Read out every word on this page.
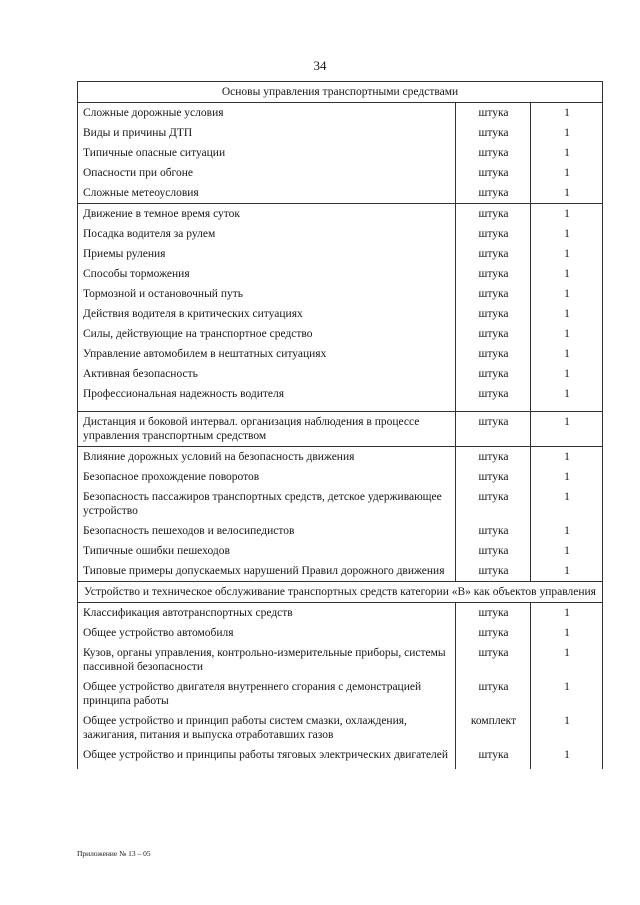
34
Основы управления транспортными средствами		
Сложные дорожные условия	штука	1
Виды и причины ДТП	штука	1
Типичные опасные ситуации	штука	1
Опасности при обгоне	штука	1
Сложные метеоусловия	штука	1
Движение в темное время суток	штука	1
Посадка водителя за рулем	штука	1
Приемы руления	штука	1
Способы торможения	штука	1
Тормозной и остановочный путь	штука	1
Действия водителя в критических ситуациях	штука	1
Силы, действующие на транспортное средство	штука	1
Управление автомобилем в нештатных ситуациях	штука	1
Активная безопасность	штука	1
Профессиональная надежность водителя	штука	1
Дистанция и боковой интервал. организация наблюдения в процессе управления транспортным средством	штука	1
Влияние дорожных условий на безопасность движения	штука	1
Безопасное прохождение поворотов	штука	1
Безопасность пассажиров транспортных средств, детское удерживающее устройство	штука	1
Безопасность пешеходов и велосипедистов	штука	1
Типичные ошибки пешеходов	штука	1
Типовые примеры допускаемых нарушений Правил дорожного движения	штука	1
Устройство и техническое обслуживание транспортных средств категории «В» как объектов управления		
Классификация автотранспортных средств	штука	1
Общее устройство автомобиля	штука	1
Кузов, органы управления, контрольно-измерительные приборы, системы пассивной безопасности	штука	1
Общее устройство двигателя внутреннего сгорания с демонстрацией принципа работы	штука	1
Общее устройство и принцип работы систем смазки, охлаждения, зажигания, питания и выпуска отработавших газов	комплект	1
Общее устройство и принципы работы тяговых электрических двигателей	штука	1
Приложение № 13 – 05
